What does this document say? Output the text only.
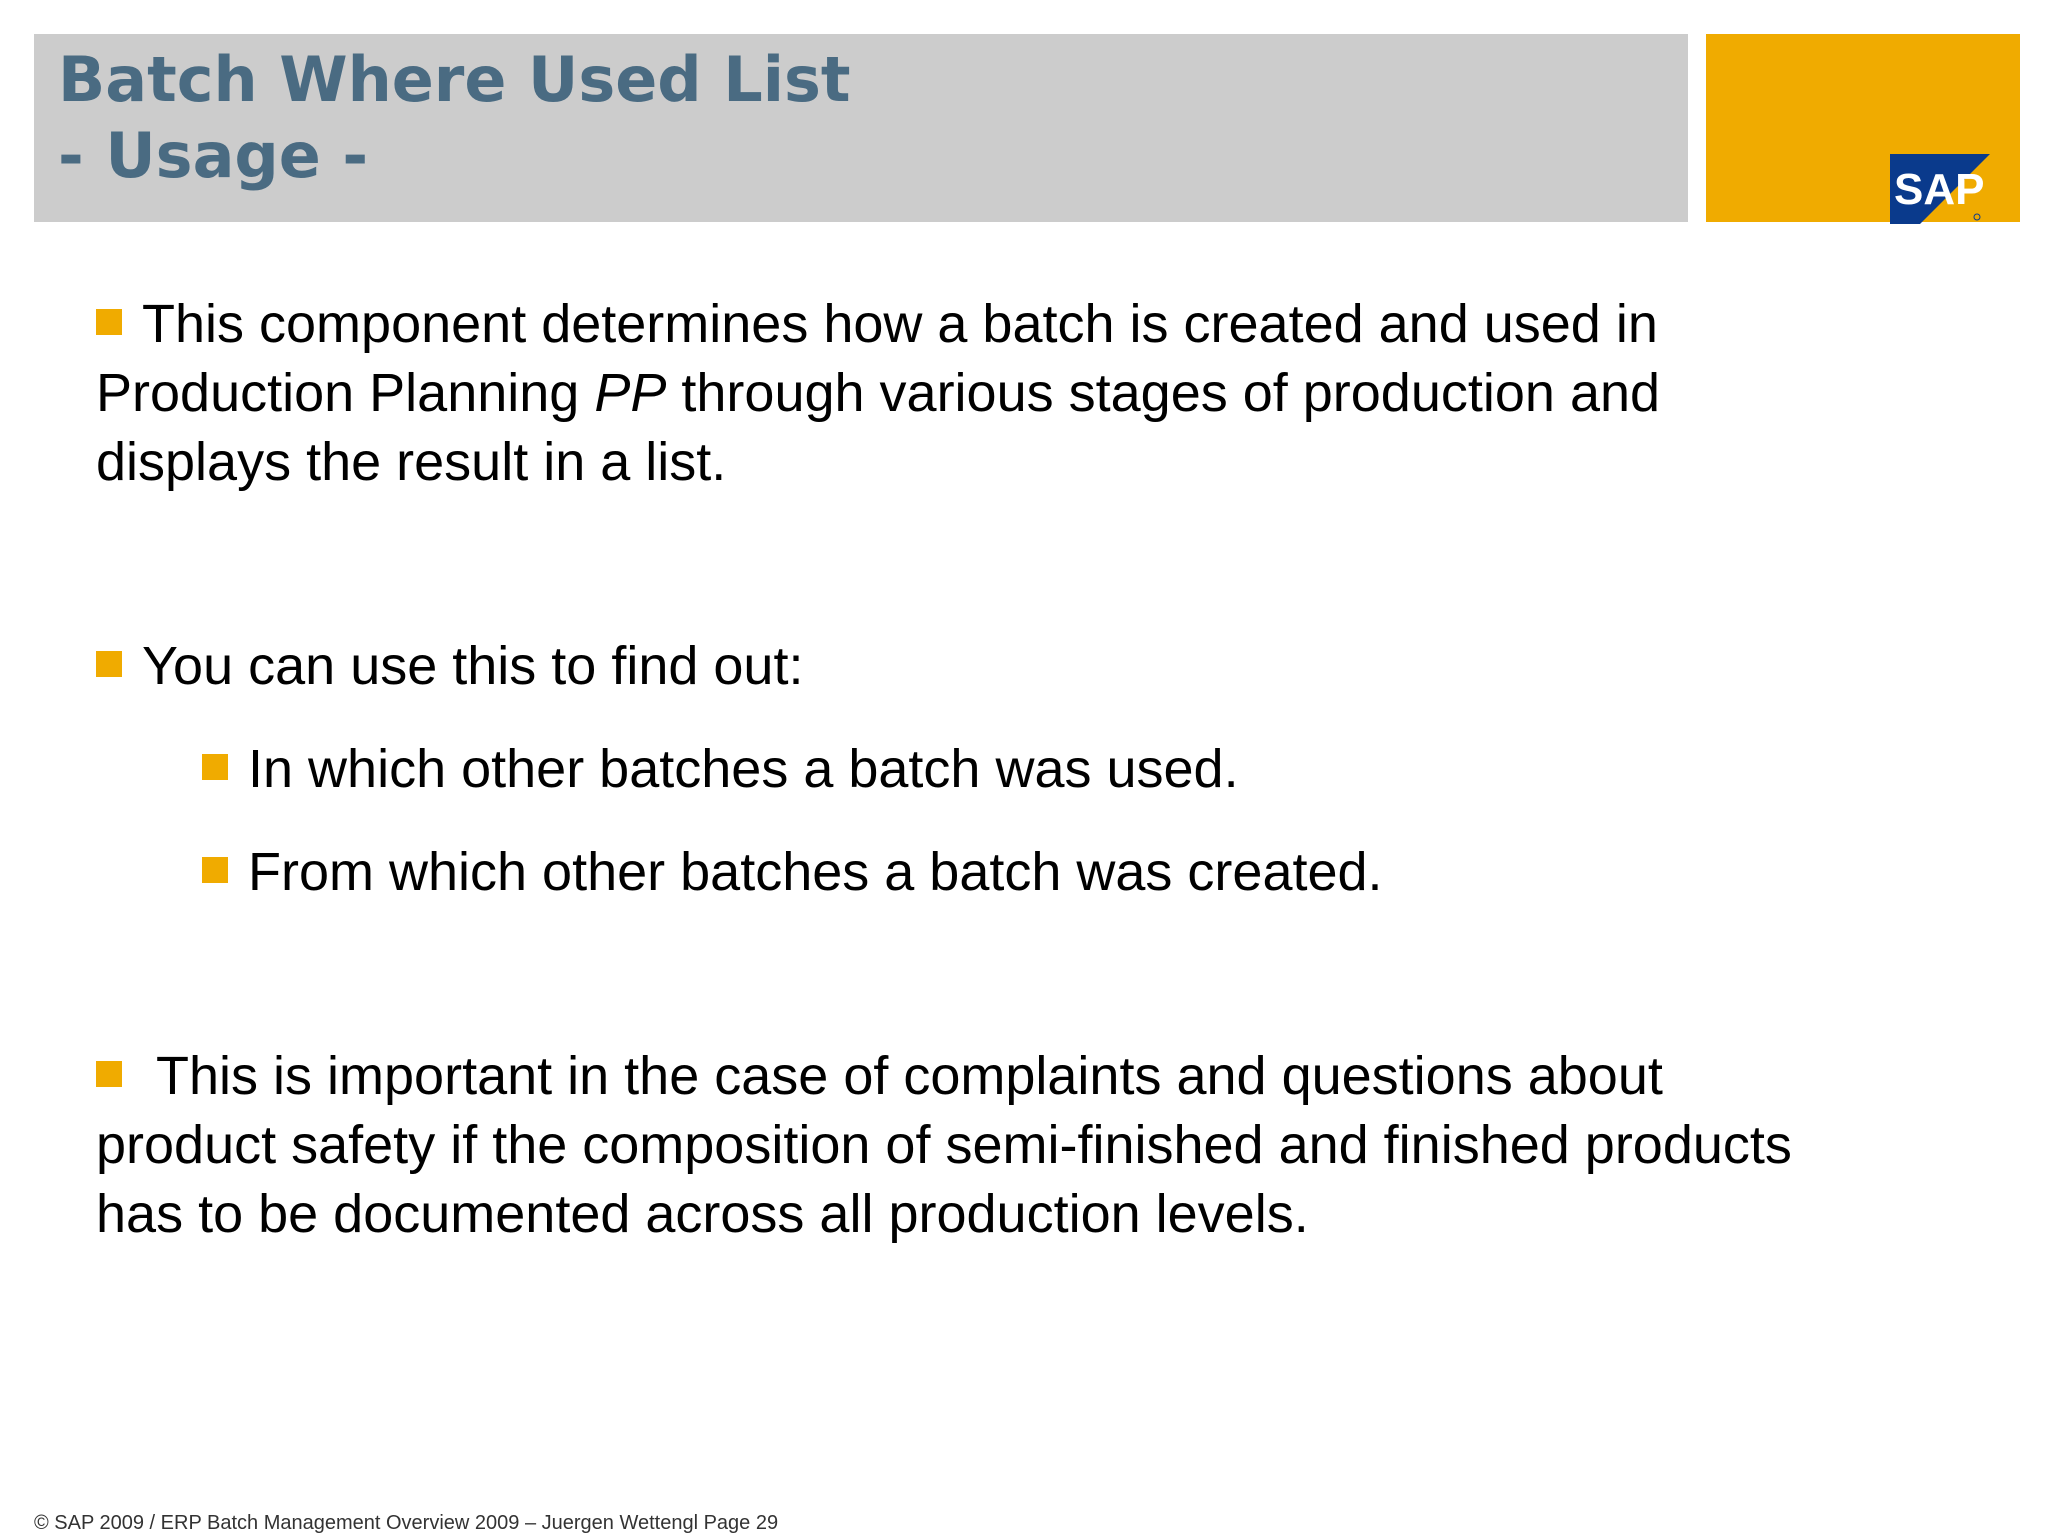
Batch Where Used List
- Usage -	SAP
This component determines how a batch is created and used in
Production Planning PP through various stages of production and
displays the result in a list.
You can use this to find out:
In which other batches a batch was used.
From which other batches a batch was created.
This is important in the case of complaints and questions about
product safety if the composition of semi-finished and finished products
has to be documented across all production levels.
© SAP 2009 / ERP Batch Management Overview 2009 – Juergen Wettengl Page 29
